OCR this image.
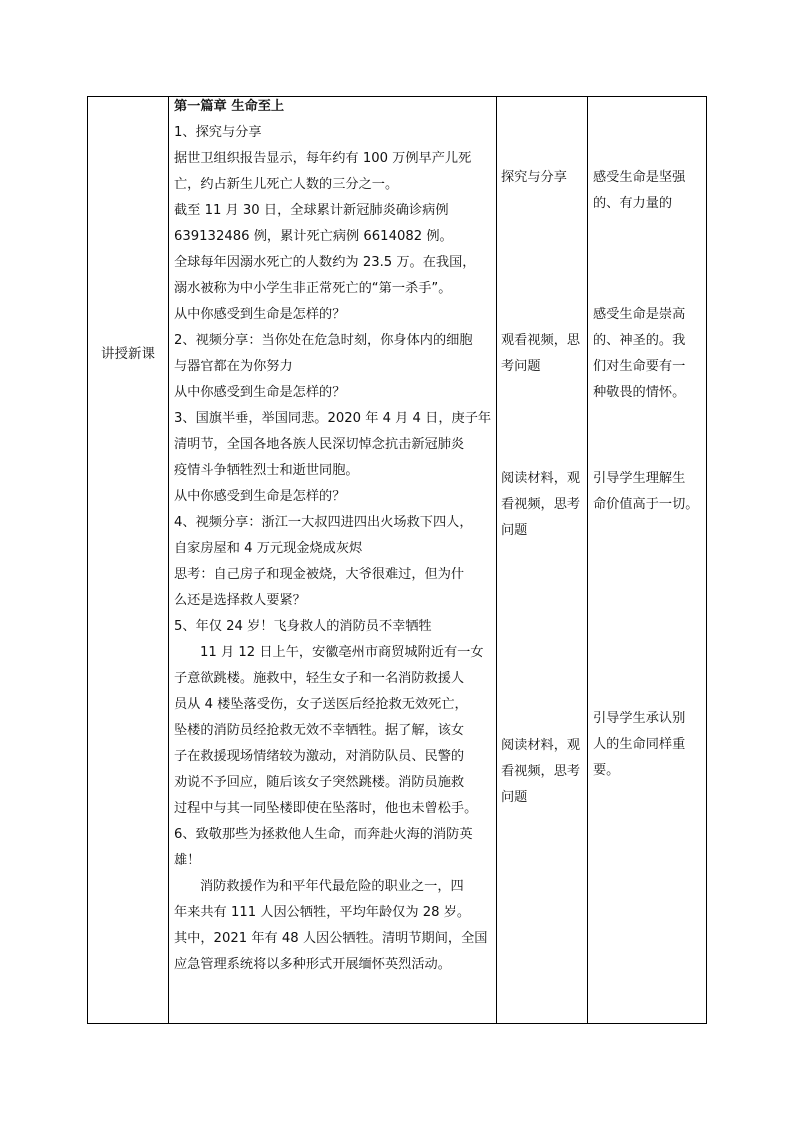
讲授新课
第一篇章 生命至上
1、探究与分享
据世卫组织报告显示，每年约有 100 万例早产儿死
亡，约占新生儿死亡人数的三分之一。
截至 11 月 30 日，全球累计新冠肺炎确诊病例
639132486 例，累计死亡病例 6614082 例。
全球每年因溺水死亡的人数约为 23.5 万。在我国，
溺水被称为中小学生非正常死亡的“第一杀手”。
从中你感受到生命是怎样的？
2、视频分享：当你处在危急时刻，你身体内的细胞
与器官都在为你努力
从中你感受到生命是怎样的？
3、国旗半垂，举国同悲。2020 年 4 月 4 日，庚子年
清明节，全国各地各族人民深切悼念抗击新冠肺炎
疫情斗争牺牲烈士和逝世同胞。
从中你感受到生命是怎样的？
4、视频分享：浙江一大叔四进四出火场救下四人，
自家房屋和 4 万元现金烧成灰烬
思考：自己房子和现金被烧，大爷很难过，但为什
么还是选择救人要紧？
5、年仅 24 岁！飞身救人的消防员不幸牺牲
11 月 12 日上午，安徽亳州市商贸城附近有一女
子意欲跳楼。施救中，轻生女子和一名消防救援人
员从 4 楼坠落受伤，女子送医后经抢救无效死亡，
坠楼的消防员经抢救无效不幸牺牲。据了解，该女
子在救援现场情绪较为激动，对消防队员、民警的
劝说不予回应，随后该女子突然跳楼。消防员施救
过程中与其一同坠楼即使在坠落时，他也未曾松手。
6、致敬那些为拯救他人生命，而奔赴火海的消防英
雄！
消防救援作为和平年代最危险的职业之一，四
年来共有 111 人因公牺牲，平均年龄仅为 28 岁。
其中，2021 年有 48 人因公牺牲。清明节期间，全国
应急管理系统将以多种形式开展缅怀英烈活动。
探究与分享
观看视频，思
考问题
阅读材料，观
看视频，思考
问题
阅读材料，观
看视频，思考
问题
感受生命是坚强
的、有力量的
感受生命是崇高
的、神圣的。我
们对生命要有一
种敬畏的情怀。
引导学生理解生
命价值高于一切。
引导学生承认别
人的生命同样重
要。
